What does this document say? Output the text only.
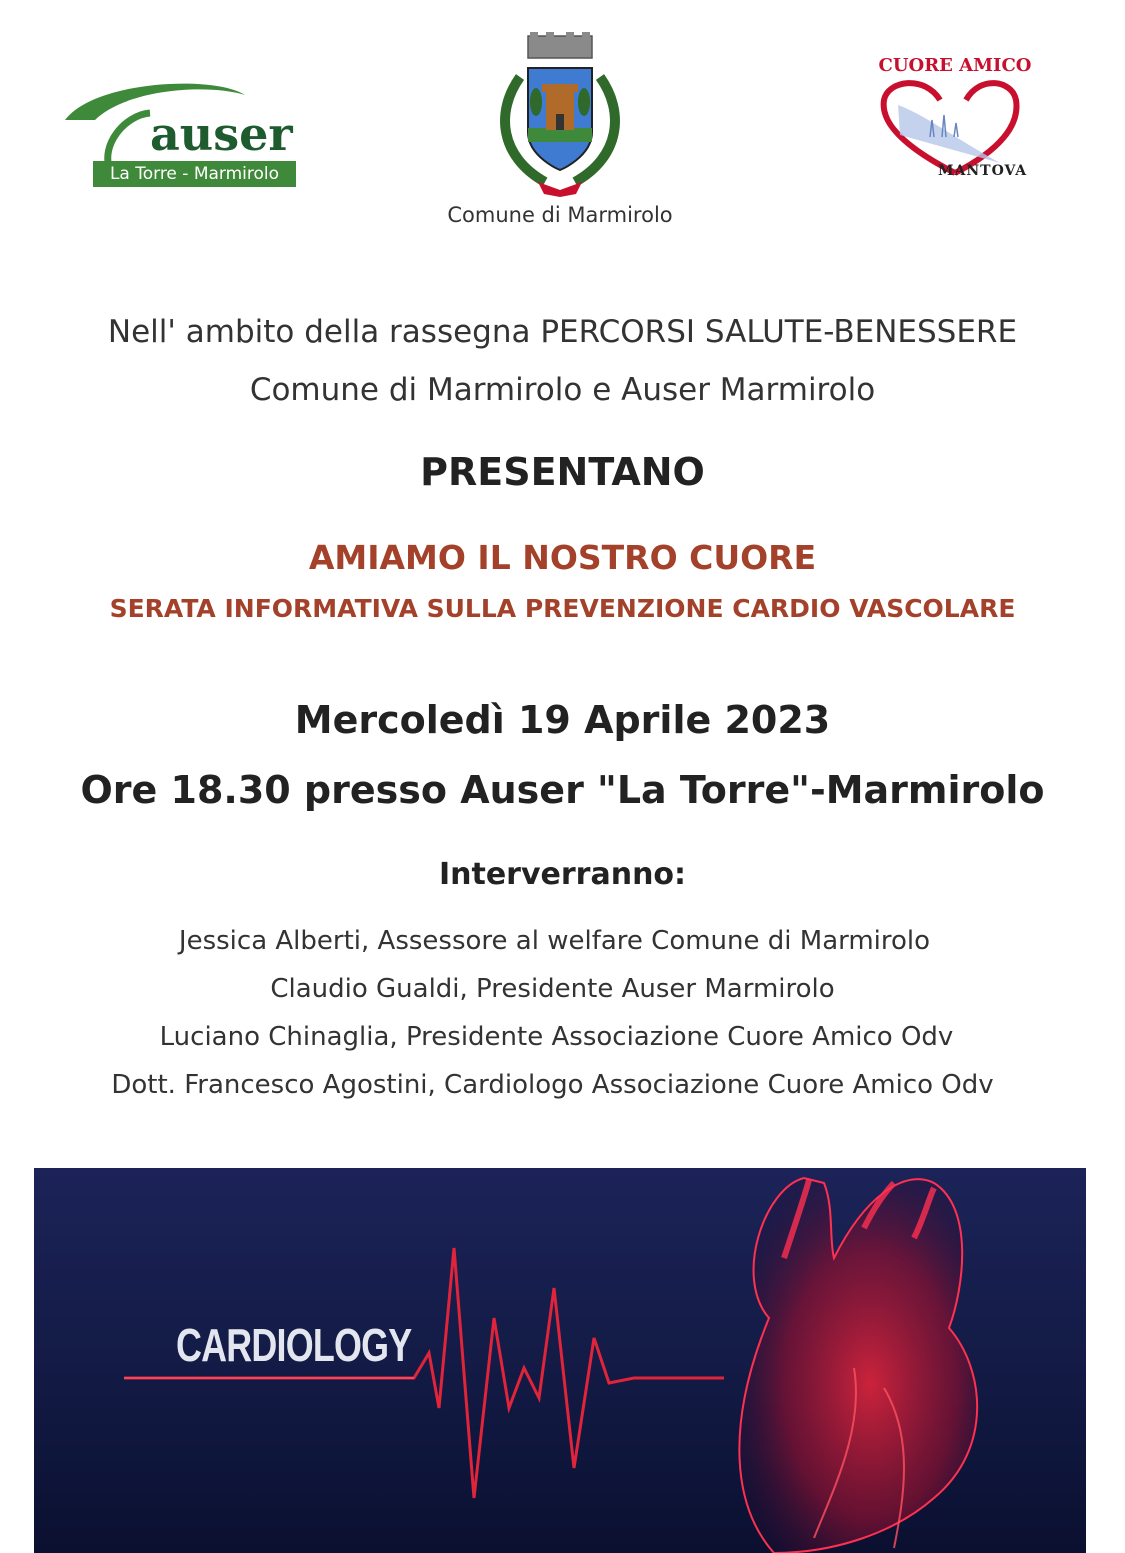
auser
La Torre - Marmirolo
Comune di Marmirolo
CUORE AMICO
MANTOVA
Nell' ambito della rassegna PERCORSI SALUTE-BENESSERE
Comune di Marmirolo e Auser Marmirolo
PRESENTANO
AMIAMO IL NOSTRO CUORE
SERATA INFORMATIVA SULLA PREVENZIONE CARDIO VASCOLARE
Mercoledì 19 Aprile 2023
Ore 18.30 presso Auser "La Torre"-Marmirolo
Interverranno:
Jessica Alberti, Assessore al welfare Comune di Marmirolo
Claudio Gualdi, Presidente Auser Marmirolo
Luciano Chinaglia, Presidente Associazione Cuore Amico Odv
Dott. Francesco Agostini, Cardiologo Associazione Cuore Amico Odv
CARDIOLOGY
